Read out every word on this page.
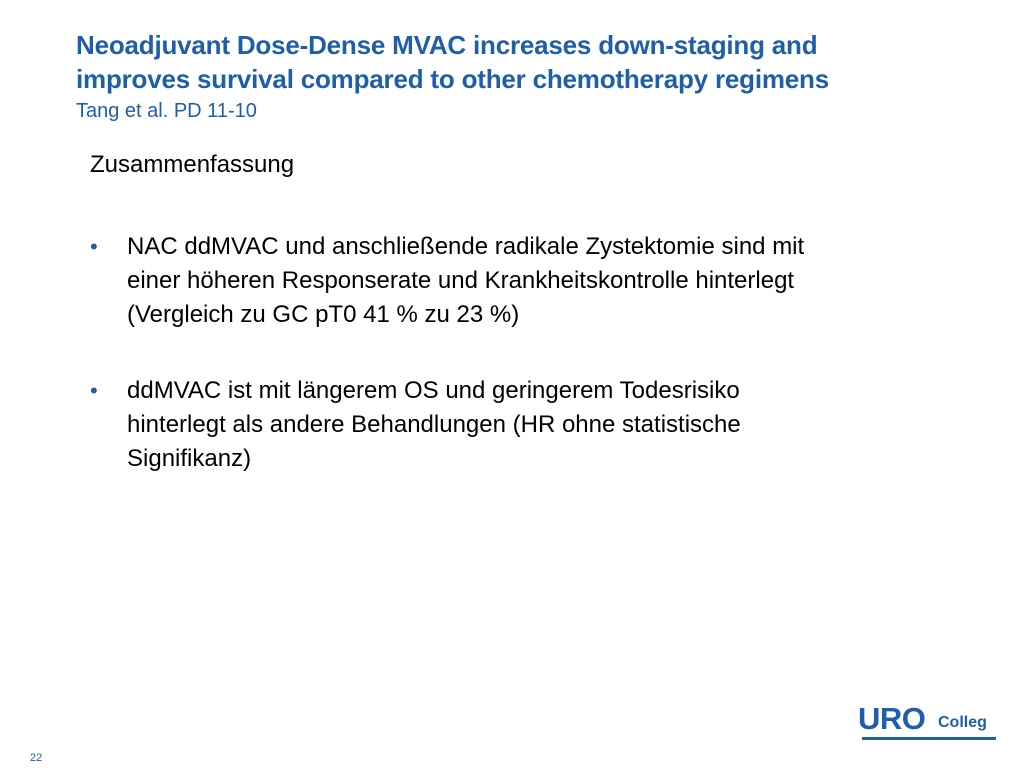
Neoadjuvant Dose-Dense MVAC increases down-staging and
improves survival compared to other chemotherapy regimens
Tang et al. PD 11-10
Zusammenfassung
• NAC ddMVAC und anschließende radikale Zystektomie sind mit
einer höheren Responserate und Krankheitskontrolle hinterlegt
(Vergleich zu GC pT0 41 % zu 23 %)
• ddMVAC ist mit längerem OS und geringerem Todesrisiko
hinterlegt als andere Behandlungen (HR ohne statistische
Signifikanz)
URO Colleg
22
